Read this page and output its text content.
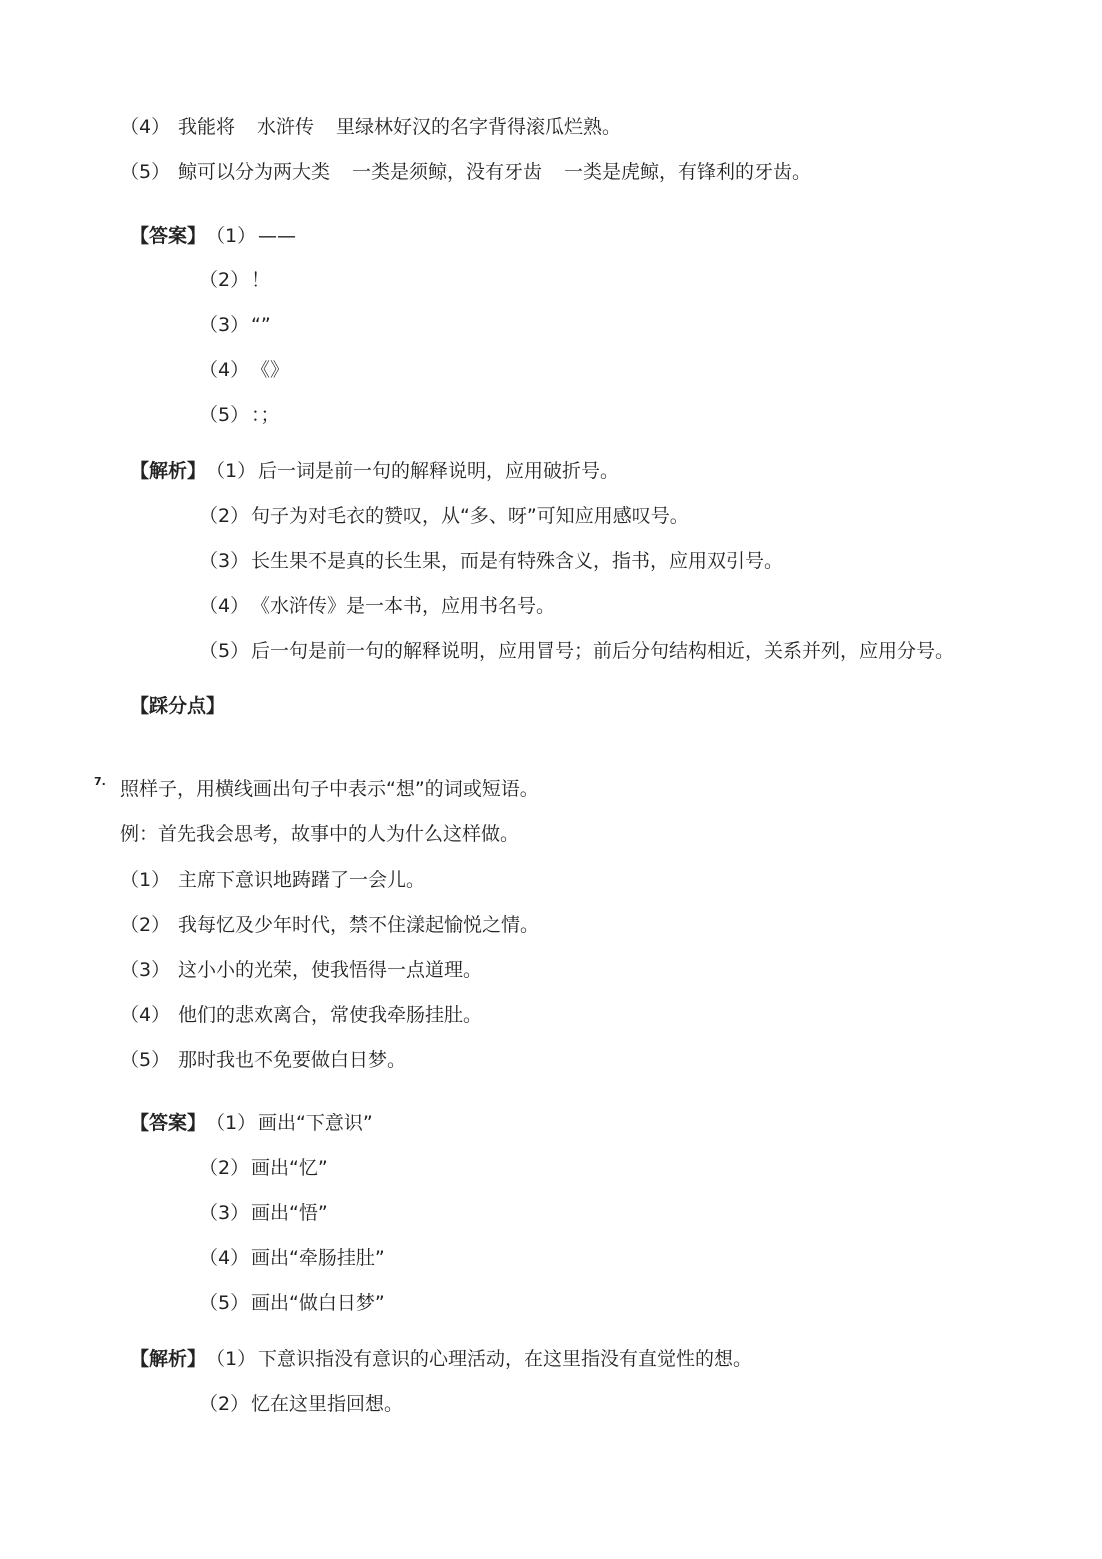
（4） 我能将 水浒传 里绿林好汉的名字背得滚瓜烂熟。
（5） 鲸可以分为两大类 一类是须鲸，没有牙齿 一类是虎鲸，有锋利的牙齿。
【答案】（1） ——
（2） ！
（3） “”
（4） 《》
（5） ：；
【解析】（1） 后一词是前一句的解释说明，应用破折号。
（2） 句子为对毛衣的赞叹，从“多、呀”可知应用感叹号。
（3） 长生果不是真的长生果，而是有特殊含义，指书，应用双引号。
（4） 《水浒传》是一本书，应用书名号。
（5） 后一句是前一句的解释说明，应用冒号；前后分句结构相近，关系并列，应用分号。
【踩分点】
7. 照样子，用横线画出句子中表示“想”的词或短语。
例：首先我会思考，故事中的人为什么这样做。
（1） 主席下意识地踌躇了一会儿。
（2） 我每忆及少年时代，禁不住漾起愉悦之情。
（3） 这小小的光荣，使我悟得一点道理。
（4） 他们的悲欢离合，常使我牵肠挂肚。
（5） 那时我也不免要做白日梦。
【答案】（1） 画出“下意识”
（2） 画出“忆”
（3） 画出“悟”
（4） 画出“牵肠挂肚”
（5） 画出“做白日梦”
【解析】（1） 下意识指没有意识的心理活动，在这里指没有直觉性的想。
（2） 忆在这里指回想。
